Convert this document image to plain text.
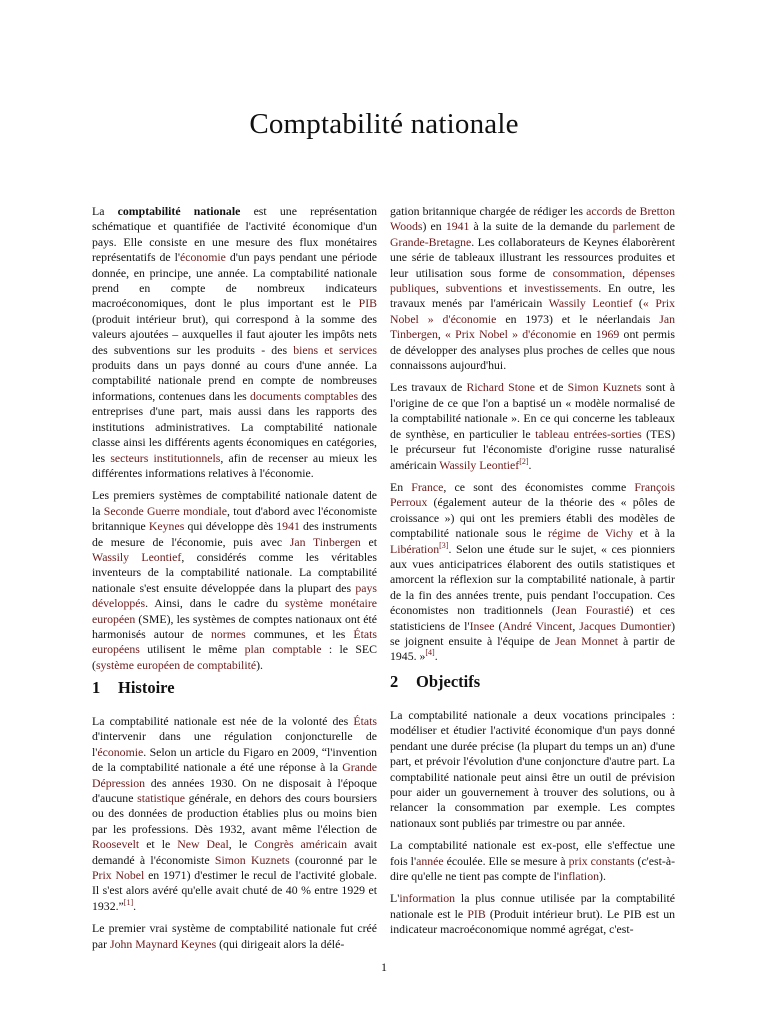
Comptabilité nationale

La comptabilité nationale est une représentation schématique et quantifiée de l'activité économique d'un pays. Elle consiste en une mesure des flux monétaires représentatifs de l'économie d'un pays pendant une période donnée, en principe, une année. La comptabilité nationale prend en compte de nombreux indicateurs macroéconomiques, dont le plus important est le PIB (produit intérieur brut), qui correspond à la somme des valeurs ajoutées – auxquelles il faut ajouter les impôts nets des subventions sur les produits - des biens et services produits dans un pays donné au cours d'une année. La comptabilité nationale prend en compte de nombreuses informations, contenues dans les documents comptables des entreprises d'une part, mais aussi dans les rapports des institutions administratives. La comptabilité nationale classe ainsi les différents agents économiques en catégories, les secteurs institutionnels, afin de recenser au mieux les différentes informations relatives à l'économie.

Les premiers systèmes de comptabilité nationale datent de la Seconde Guerre mondiale, tout d'abord avec l'économiste britannique Keynes qui développe dès 1941 des instruments de mesure de l'économie, puis avec Jan Tinbergen et Wassily Leontief, considérés comme les véritables inventeurs de la comptabilité nationale. La comptabilité nationale s'est ensuite développée dans la plupart des pays développés. Ainsi, dans le cadre du système monétaire européen (SME), les systèmes de comptes nationaux ont été harmonisés autour de normes communes, et les États européens utilisent le même plan comptable : le SEC (système européen de comptabilité).

gation britannique chargée de rédiger les accords de Bretton Woods) en 1941 à la suite de la demande du parlement de Grande-Bretagne. Les collaborateurs de Keynes élaborèrent une série de tableaux illustrant les ressources produites et leur utilisation sous forme de consommation, dépenses publiques, subventions et investissements. En outre, les travaux menés par l'américain Wassily Leontief (« Prix Nobel » d'économie en 1973) et le néerlandais Jan Tinbergen, « Prix Nobel » d'économie en 1969 ont permis de développer des analyses plus proches de celles que nous connaissons aujourd'hui.

Les travaux de Richard Stone et de Simon Kuznets sont à l'origine de ce que l'on a baptisé un « modèle normalisé de la comptabilité nationale ». En ce qui concerne les tableaux de synthèse, en particulier le tableau entrées-sorties (TES) le précurseur fut l'économiste d'origine russe naturalisé américain Wassily Leontief[2].

En France, ce sont des économistes comme François Perroux (également auteur de la théorie des « pôles de croissance ») qui ont les premiers établi des modèles de comptabilité nationale sous le régime de Vichy et à la Libération[3]. Selon une étude sur le sujet, « ces pionniers aux vues anticipatrices élaborent des outils statistiques et amorcent la réflexion sur la comptabilité nationale, à partir de la fin des années trente, puis pendant l'occupation. Ces économistes non traditionnels (Jean Fourastié) et ces statisticiens de l'Insee (André Vincent, Jacques Dumontier) se joignent ensuite à l'équipe de Jean Monnet à partir de 1945. »[4].

1 Histoire

La comptabilité nationale est née de la volonté des États d'intervenir dans une régulation conjoncturelle de l'économie. Selon un article du Figaro en 2009, “l'invention de la comptabilité nationale a été une réponse à la Grande Dépression des années 1930. On ne disposait à l'époque d'aucune statistique générale, en dehors des cours boursiers ou des données de production établies plus ou moins bien par les professions. Dès 1932, avant même l'élection de Roosevelt et le New Deal, le Congrès américain avait demandé à l'économiste Simon Kuznets (couronné par le Prix Nobel en 1971) d'estimer le recul de l'activité globale. Il s'est alors avéré qu'elle avait chuté de 40 % entre 1929 et 1932.”[1].

Le premier vrai système de comptabilité nationale fut créé par John Maynard Keynes (qui dirigeait alors la délé-

2 Objectifs

La comptabilité nationale a deux vocations principales : modéliser et étudier l'activité économique d'un pays donné pendant une durée précise (la plupart du temps un an) d'une part, et prévoir l'évolution d'une conjoncture d'autre part. La comptabilité nationale peut ainsi être un outil de prévision pour aider un gouvernement à trouver des solutions, ou à relancer la consommation par exemple. Les comptes nationaux sont publiés par trimestre ou par année.

La comptabilité nationale est ex-post, elle s'effectue une fois l'année écoulée. Elle se mesure à prix constants (c'est-à-dire qu'elle ne tient pas compte de l'inflation).

L'information la plus connue utilisée par la comptabilité nationale est le PIB (Produit intérieur brut). Le PIB est un indicateur macroéconomique nommé agrégat, c'est-

1
